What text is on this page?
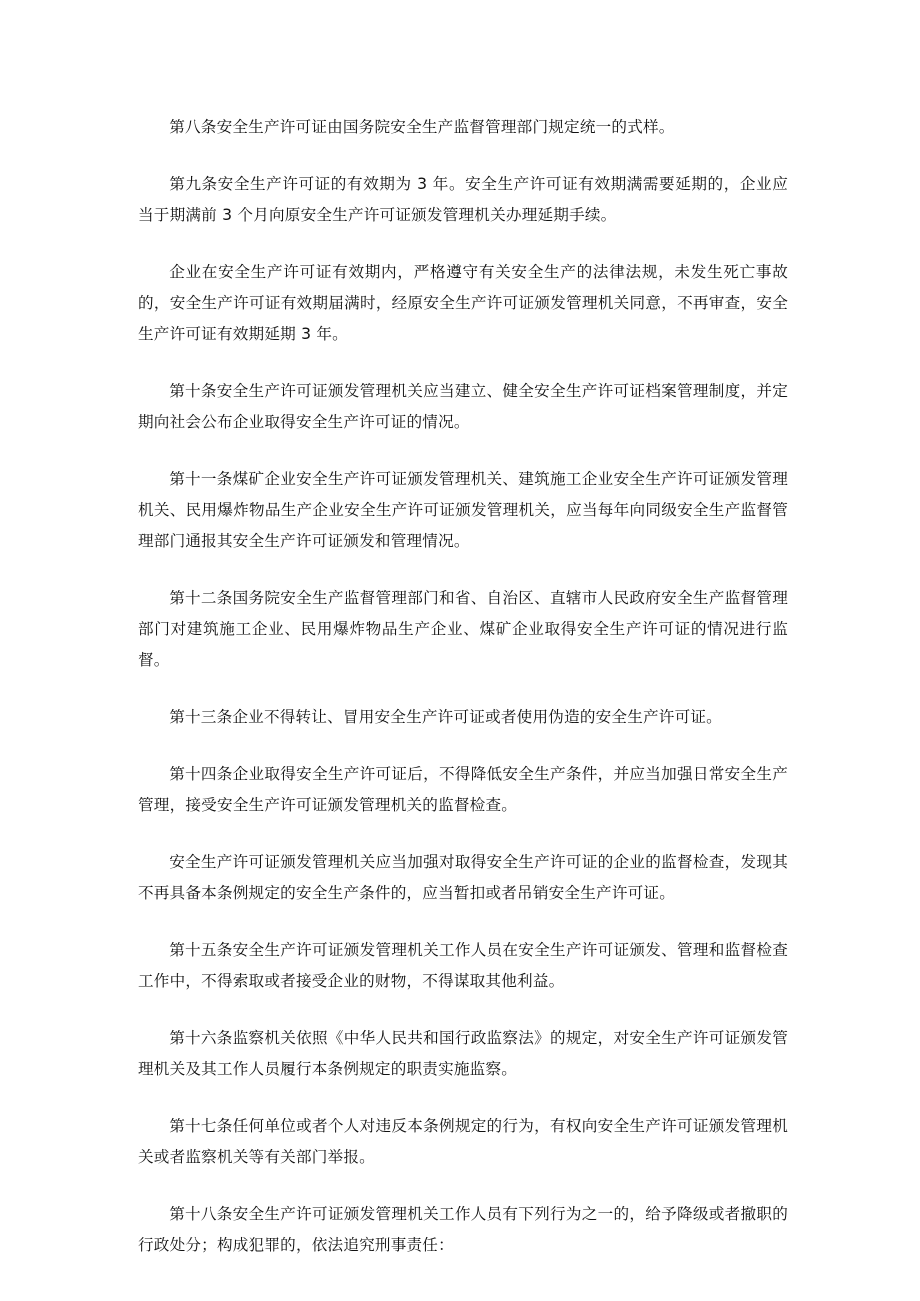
第八条安全生产许可证由国务院安全生产监督管理部门规定统一的式样。

第九条安全生产许可证的有效期为 3 年。安全生产许可证有效期满需要延期的，企业应当于期满前 3 个月向原安全生产许可证颁发管理机关办理延期手续。

企业在安全生产许可证有效期内，严格遵守有关安全生产的法律法规，未发生死亡事故的，安全生产许可证有效期届满时，经原安全生产许可证颁发管理机关同意，不再审查，安全生产许可证有效期延期 3 年。

第十条安全生产许可证颁发管理机关应当建立、健全安全生产许可证档案管理制度，并定期向社会公布企业取得安全生产许可证的情况。

第十一条煤矿企业安全生产许可证颁发管理机关、建筑施工企业安全生产许可证颁发管理机关、民用爆炸物品生产企业安全生产许可证颁发管理机关，应当每年向同级安全生产监督管理部门通报其安全生产许可证颁发和管理情况。

第十二条国务院安全生产监督管理部门和省、自治区、直辖市人民政府安全生产监督管理部门对建筑施工企业、民用爆炸物品生产企业、煤矿企业取得安全生产许可证的情况进行监督。

第十三条企业不得转让、冒用安全生产许可证或者使用伪造的安全生产许可证。

第十四条企业取得安全生产许可证后，不得降低安全生产条件，并应当加强日常安全生产管理，接受安全生产许可证颁发管理机关的监督检查。

安全生产许可证颁发管理机关应当加强对取得安全生产许可证的企业的监督检查，发现其不再具备本条例规定的安全生产条件的，应当暂扣或者吊销安全生产许可证。

第十五条安全生产许可证颁发管理机关工作人员在安全生产许可证颁发、管理和监督检查工作中，不得索取或者接受企业的财物，不得谋取其他利益。

第十六条监察机关依照《中华人民共和国行政监察法》的规定，对安全生产许可证颁发管理机关及其工作人员履行本条例规定的职责实施监察。

第十七条任何单位或者个人对违反本条例规定的行为，有权向安全生产许可证颁发管理机关或者监察机关等有关部门举报。

第十八条安全生产许可证颁发管理机关工作人员有下列行为之一的，给予降级或者撤职的行政处分；构成犯罪的，依法追究刑事责任：
